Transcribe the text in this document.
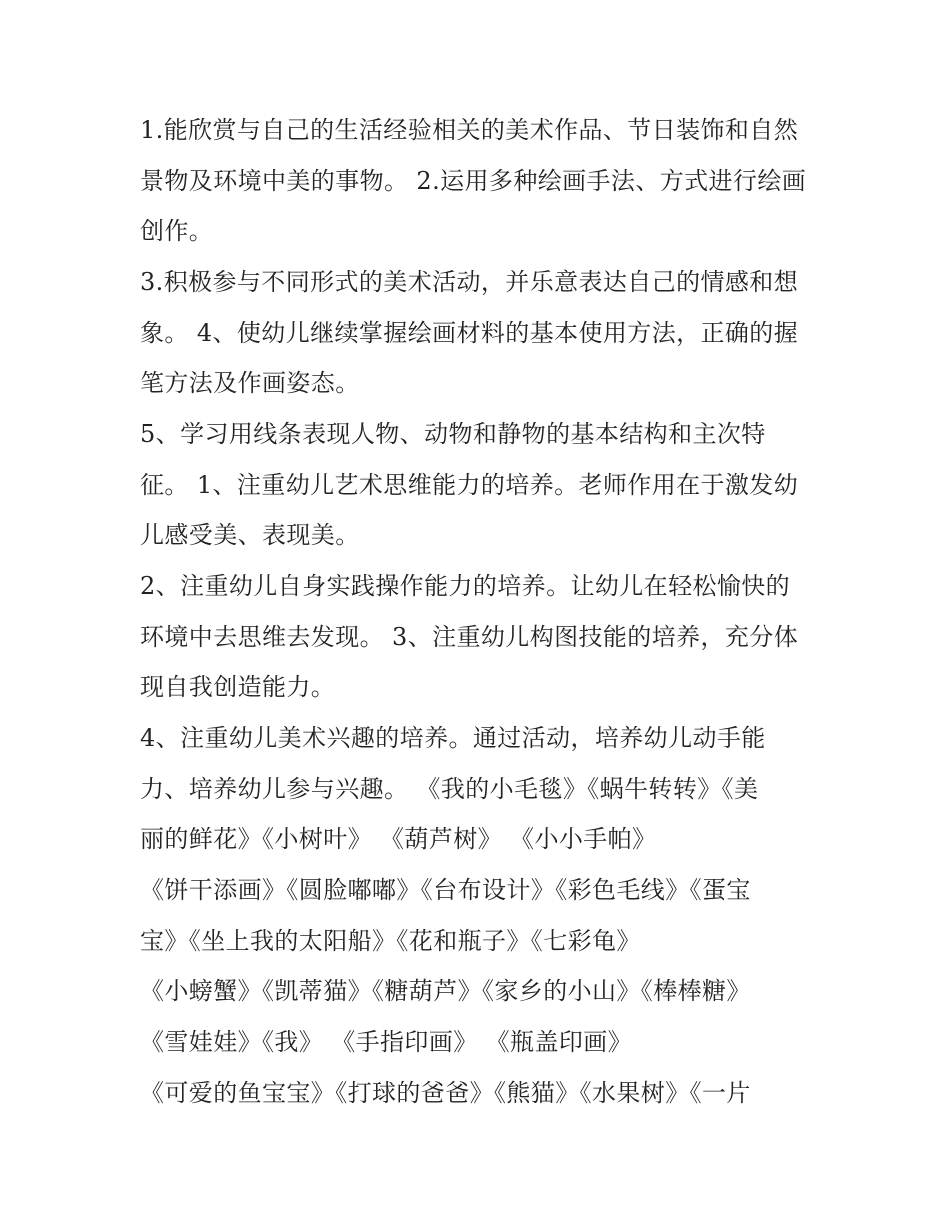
1.能欣赏与自己的生活经验相关的美术作品、节日装饰和自然
景物及环境中美的事物。 2.运用多种绘画手法、方式进行绘画
创作。
3.积极参与不同形式的美术活动，并乐意表达自己的情感和想
象。 4、使幼儿继续掌握绘画材料的基本使用方法，正确的握
笔方法及作画姿态。
5、学习用线条表现人物、动物和静物的基本结构和主次特
征。 1、注重幼儿艺术思维能力的培养。老师作用在于激发幼
儿感受美、表现美。
2、注重幼儿自身实践操作能力的培养。让幼儿在轻松愉快的
环境中去思维去发现。 3、注重幼儿构图技能的培养，充分体
现自我创造能力。
4、注重幼儿美术兴趣的培养。通过活动，培养幼儿动手能
力、培养幼儿参与兴趣。 《我的小毛毯》《蜗牛转转》《美
丽的鲜花》《小树叶》 《葫芦树》 《小小手帕》
《饼干添画》《圆脸嘟嘟》《台布设计》《彩色毛线》《蛋宝
宝》《坐上我的太阳船》《花和瓶子》《七彩龟》
《小螃蟹》《凯蒂猫》《糖葫芦》《家乡的小山》《棒棒糖》
《雪娃娃》《我》 《手指印画》 《瓶盖印画》
《可爱的鱼宝宝》《打球的爸爸》《熊猫》《水果树》《一片
